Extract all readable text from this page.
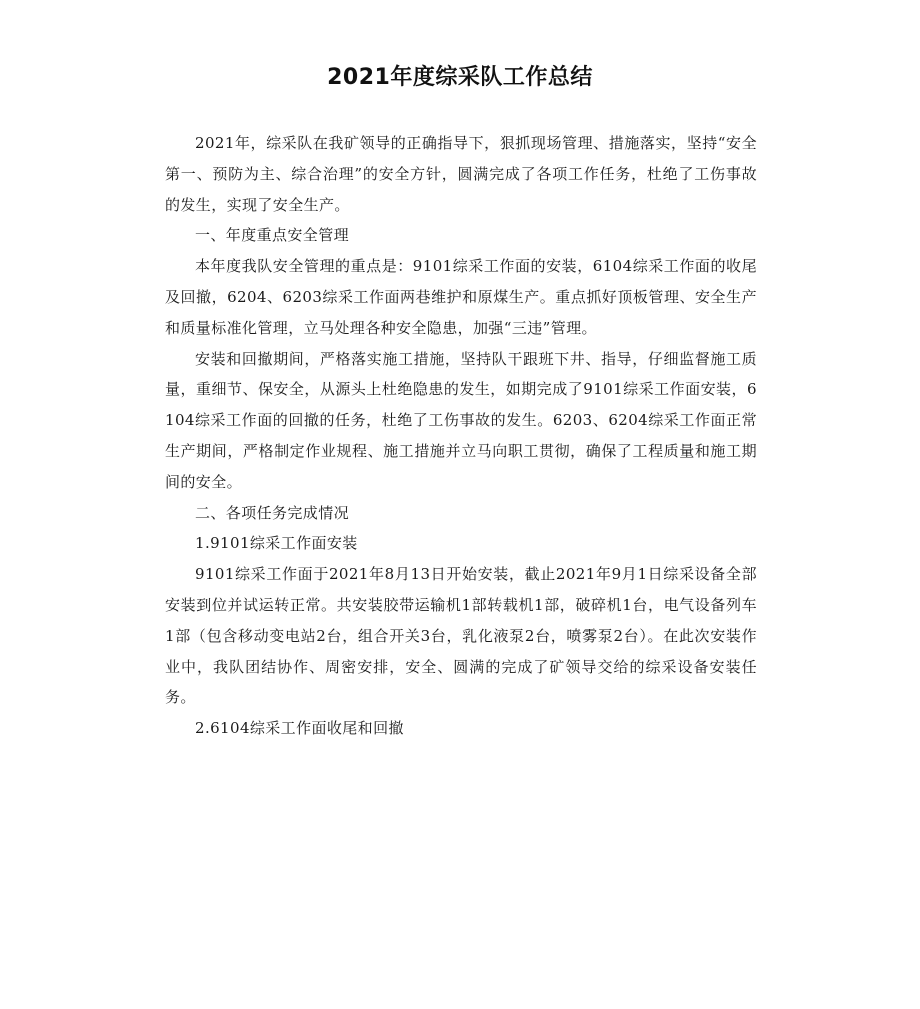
2021年度综采队工作总结

2021年，综采队在我矿领导的正确指导下，狠抓现场管理、措施落实，坚持“安全第一、预防为主、综合治理”的安全方针，圆满完成了各项工作任务，杜绝了工伤事故的发生，实现了安全生产。

一、年度重点安全管理

本年度我队安全管理的重点是：9101综采工作面的安装，6104综采工作面的收尾及回撤，6204、6203综采工作面两巷维护和原煤生产。重点抓好顶板管理、安全生产和质量标准化管理，立马处理各种安全隐患，加强“三违”管理。

安装和回撤期间，严格落实施工措施，坚持队干跟班下井、指导，仔细监督施工质量，重细节、保安全，从源头上杜绝隐患的发生，如期完成了9101综采工作面安装，6104综采工作面的回撤的任务，杜绝了工伤事故的发生。6203、6204综采工作面正常生产期间，严格制定作业规程、施工措施并立马向职工贯彻，确保了工程质量和施工期间的安全。

二、各项任务完成情况

1.9101综采工作面安装

9101综采工作面于2021年8月13日开始安装，截止2021年9月1日综采设备全部安装到位并试运转正常。共安装胶带运输机1部转载机1部，破碎机1台，电气设备列车1部（包含移动变电站2台，组合开关3台，乳化液泵2台，喷雾泵2台）。在此次安装作业中，我队团结协作、周密安排，安全、圆满的完成了矿领导交给的综采设备安装任务。

2.6104综采工作面收尾和回撤
